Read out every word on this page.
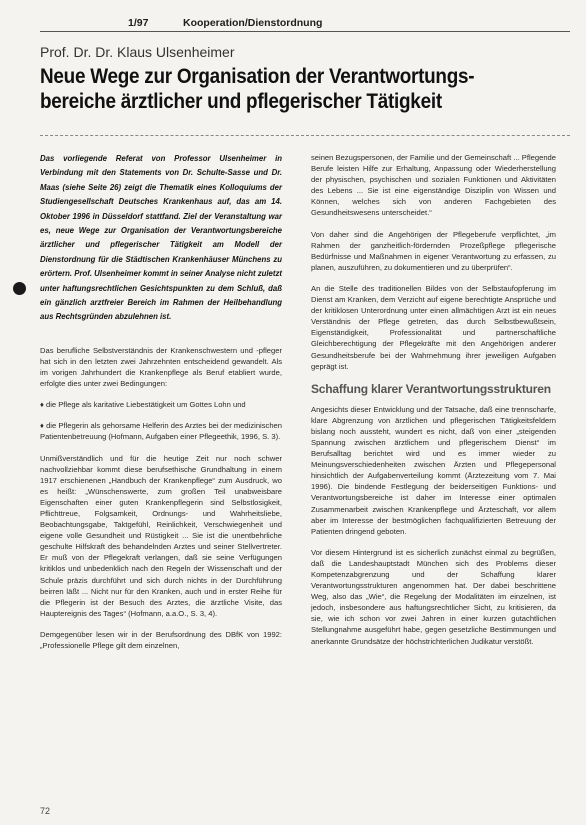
1/97	Kooperation/Dienstordnung
Prof. Dr. Dr. Klaus Ulsenheimer
Neue Wege zur Organisation der Verantwortungs-
bereiche ärztlicher und pflegerischer Tätigkeit

Das vorliegende Referat von Professor Ulsenheimer in Verbindung mit den Statements von Dr. Schulte-Sasse und Dr. Maas (siehe Seite 26) zeigt die Thematik eines Kolloquiums der Studiengesellschaft Deutsches Krankenhaus auf, das am 14. Oktober 1996 in Düsseldorf stattfand. Ziel der Veranstaltung war es, neue Wege zur Organisation der Verantwortungsbereiche ärztlicher und pflegerischer Tätigkeit am Modell der Dienstordnung für die Städtischen Krankenhäuser Münchens zu erörtern. Prof. Ulsenheimer kommt in seiner Analyse nicht zuletzt unter haftungsrechtlichen Gesichtspunkten zu dem Schluß, daß ein gänzlich arztfreier Bereich im Rahmen der Heilbehandlung aus Rechtsgründen abzulehnen ist.

Das berufliche Selbstverständnis der Krankenschwestern und -pfleger hat sich in den letzten zwei Jahrzehnten entscheidend gewandelt. Als im vorigen Jahrhundert die Krankenpflege als Beruf etabliert wurde, erfolgte dies unter zwei Bedingungen:

♦ die Pflege als karitative Liebestätigkeit um Gottes Lohn und

♦ die Pflegerin als gehorsame Helferin des Arztes bei der medizinischen Patientenbetreuung (Hofmann, Aufgaben einer Pflegeethik, 1996, S. 3).

Unmißverständlich und für die heutige Zeit nur noch schwer nachvollziehbar kommt diese berufsethische Grundhaltung in einem 1917 erschienenen „Handbuch der Krankenpflege“ zum Ausdruck, wo es heißt: „Wünschenswerte, zum großen Teil unabweisbare Eigenschaften einer guten Krankenpflegerin sind Selbstlosigkeit, Pflichttreue, Folgsamkeit, Ordnungs- und Wahrheitsliebe, Beobachtungsgabe, Taktgefühl, Reinlichkeit, Verschwiegenheit und eigene volle Gesundheit und Rüstigkeit ... Sie ist die unentbehrliche geschulte Hilfskraft des behandelnden Arztes und seiner Stellvertreter. Er muß von der Pflegekraft verlangen, daß sie seine Verfügungen kritiklos und unbedenklich nach den Regeln der Wissenschaft und der Schule präzis durchführt und sich durch nichts in der Durchführung beirren läßt ... Nicht nur für den Kranken, auch und in erster Reihe für die Pflegerin ist der Besuch des Arztes, die ärztliche Visite, das Hauptereignis des Tages“ (Hofmann, a.a.O., S. 3, 4).

Demgegenüber lesen wir in der Berufsordnung des DBfK von 1992: „Professionelle Pflege gilt dem einzelnen,

seinen Bezugspersonen, der Familie und der Gemeinschaft ... Pflegende Berufe leisten Hilfe zur Erhaltung, Anpassung oder Wiederherstellung der physischen, psychischen und sozialen Funktionen und Aktivitäten des Lebens ... Sie ist eine eigenständige Disziplin von Wissen und Können, welches sich von anderen Fachgebieten des Gesundheitswesens unterscheidet.“

Von daher sind die Angehörigen der Pflegeberufe verpflichtet, „im Rahmen der ganzheitlich-fördernden Prozeßpflege pflegerische Bedürfnisse und Maßnahmen in eigener Verantwortung zu erfassen, zu planen, auszuführen, zu dokumentieren und zu überprüfen“.

An die Stelle des traditionellen Bildes von der Selbstaufopferung im Dienst am Kranken, dem Verzicht auf eigene berechtigte Ansprüche und der kritiklosen Unterordnung unter einen allmächtigen Arzt ist ein neues Verständnis der Pflege getreten, das durch Selbstbewußtsein, Eigenständigkeit, Professionalität und partnerschaftliche Gleichberechtigung der Pflegekräfte mit den Angehörigen anderer Gesundheitsberufe bei der Wahrnehmung ihrer jeweiligen Aufgaben geprägt ist.

Schaffung klarer Verantwortungsstrukturen

Angesichts dieser Entwicklung und der Tatsache, daß eine trennscharfe, klare Abgrenzung von ärztlichen und pflegerischen Tätigkeitsfeldern bislang noch aussteht, wundert es nicht, daß von einer „steigenden Spannung zwischen ärztlichem und pflegerischem Dienst“ im Berufsalltag berichtet wird und es immer wieder zu Meinungsverschiedenheiten zwischen Ärzten und Pflegepersonal hinsichtlich der Aufgabenverteilung kommt (Ärztezeitung vom 7. Mai 1996). Die bindende Festlegung der beiderseitigen Funktions- und Verantwortungsbereiche ist daher im Interesse einer optimalen Zusammenarbeit zwischen Krankenpflege und Ärzteschaft, vor allem aber im Interesse der bestmöglichen fachqualifizierten Betreuung der Patienten dringend geboten.

Vor diesem Hintergrund ist es sicherlich zunächst einmal zu begrüßen, daß die Landeshauptstadt München sich des Problems dieser Kompetenzabgrenzung und der Schaffung klarer Verantwortungsstrukturen angenommen hat. Der dabei beschrittene Weg, also das „Wie“, die Regelung der Modalitäten im einzelnen, ist jedoch, insbesondere aus haftungsrechtlicher Sicht, zu kritisieren, da sie, wie ich schon vor zwei Jahren in einer kurzen gutachtlichen Stellungnahme ausgeführt habe, gegen gesetzliche Bestimmungen und anerkannte Grundsätze der höchstrichterlichen Judikatur verstößt.

72
